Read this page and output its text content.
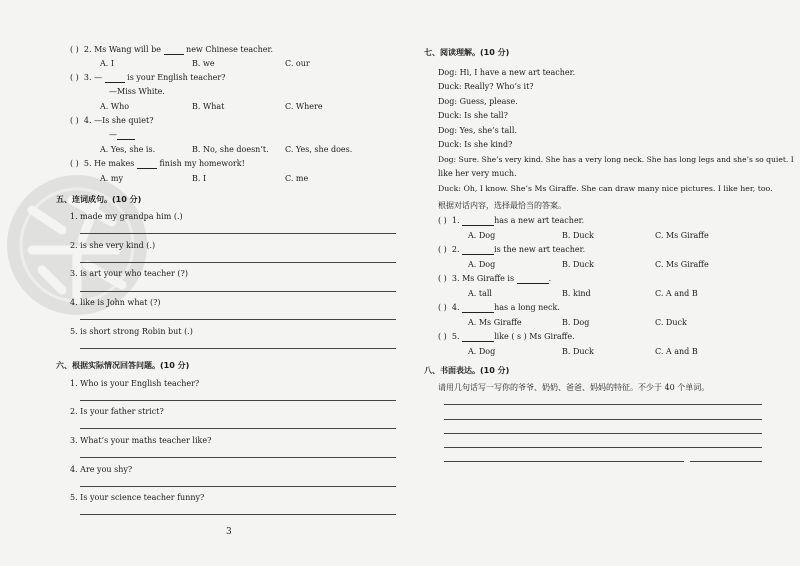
( ) 2. Ms Wang will be	new Chinese teacher.
A. I	B. we	C. our
( ) 3. —	is your English teacher?
—Miss White.
A. Who	B. What	C. Where
( ) 4. —Is she quiet?
—
A. Yes, she is.	B. No, she doesn’t. C. Yes, she does.
( ) 5. He makes	finish my homework!
A. my	B. I	C. me
五、连词成句。(10 分)
1. made my grandpa him (.)
2. is she very kind (.)
3. is art your who teacher (?)
4. like is John what (?)
5. is short strong Robin but (.)
六、根据实际情况回答问题。(10 分)
1. Who is your English teacher?
2. Is your father strict?
3. What’s your maths teacher like?
4. Are you shy?
5. Is your science teacher funny?
3
七、阅读理解。(10 分)
Dog: Hi, I have a new art teacher.
Duck: Really? Who’s it?
Dog: Guess, please.
Duck: Is she tall?
Dog: Yes, she’s tall.
Duck: Is she kind?
Dog: Sure. She’s very kind. She has a very long neck. She has long legs and she’s so quiet. I
like her very much.
Duck: Oh, I know. She’s Ms Giraffe. She can draw many nice pictures. I like her, too.
根据对话内容，选择最恰当的答案。
( ) 1.	has a new art teacher.
A. Dog	B. Duck	C. Ms Giraffe
( ) 2.	is the new art teacher.
A. Dog	B. Duck	C. Ms Giraffe
( ) 3. Ms Giraffe is	.
A. tall	B. kind	C. A and B
( ) 4.	has a long neck.
A. Ms Giraffe	B. Dog	C. Duck
( ) 5.	like ( s ) Ms Giraffe.
A. Dog	B. Duck	C. A and B
八、书面表达。(10 分)
请用几句话写一写你的爷爷、奶奶、爸爸、妈妈的特征。不少于 40 个单词。
